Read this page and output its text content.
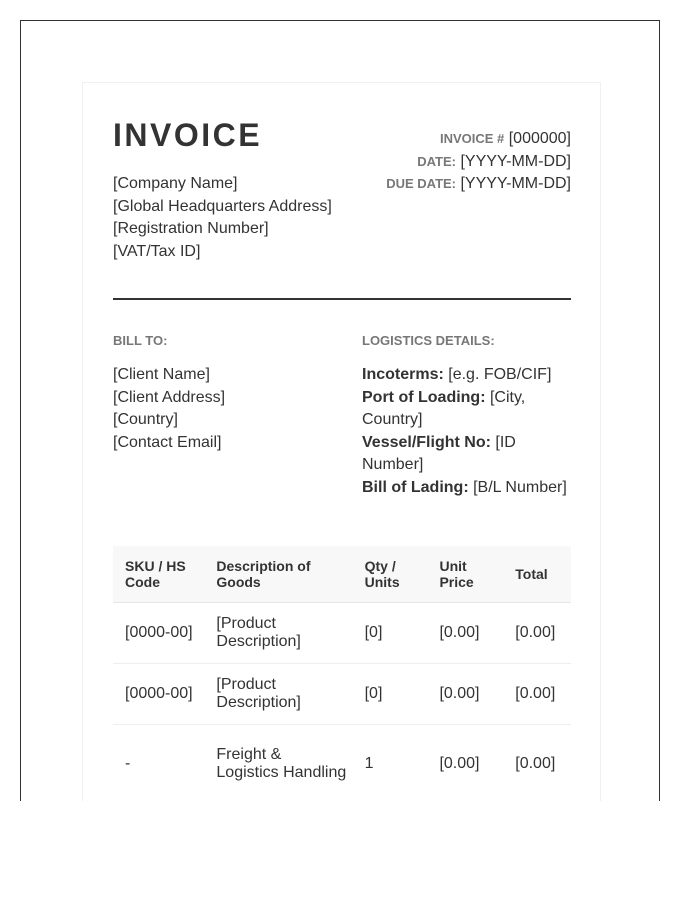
INVOICE
[Company Name]
[Global Headquarters Address]
[Registration Number]
[VAT/Tax ID]
INVOICE # [000000]
DATE: [YYYY-MM-DD]
DUE DATE: [YYYY-MM-DD]
BILL TO:	LOGISTICS DETAILS:
[Client Name]
[Client Address]
[Country]
[Contact Email]
Incoterms: [e.g. FOB/CIF]
Port of Loading: [City, Country]
Vessel/Flight No: [ID Number]
Bill of Lading: [B/L Number]
SKU / HS Code	Description of Goods	Qty / Units	Unit Price	Total
[0000-00]	[Product Description]	[0]	[0.00]	[0.00]
[0000-00]	[Product Description]	[0]	[0.00]	[0.00]
-	Freight & Logistics Handling	1	[0.00]	[0.00]
